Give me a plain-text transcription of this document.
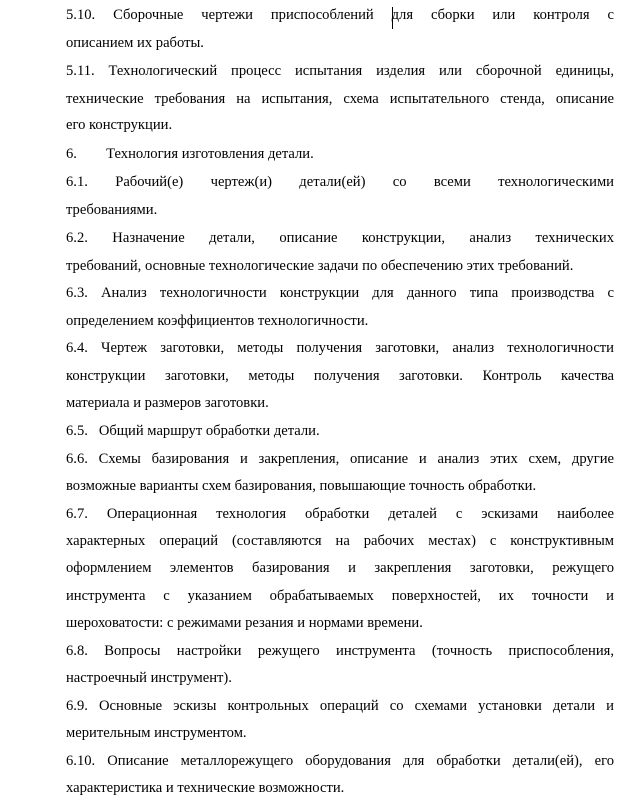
5.10. Сборочные чертежи приспособлений для сборки или контроля с
описанием их работы.
5.11. Технологический процесс испытания изделия или сборочной единицы,
технические требования на испытания, схема испытательного стенда, описание
его конструкции.
6.        Технология изготовления детали.
6.1. Рабочий(е) чертеж(и) детали(ей) со всеми технологическими
требованиями.
6.2. Назначение детали, описание конструкции, анализ технических
требований, основные технологические задачи по обеспечению этих требований.
6.3. Анализ технологичности конструкции для данного типа производства с
определением коэффициентов технологичности.
6.4. Чертеж заготовки, методы получения заготовки, анализ технологичности
конструкции заготовки, методы получения заготовки. Контроль качества
материала и размеров заготовки.
6.5.   Общий маршрут обработки детали.
6.6. Схемы базирования и закрепления, описание и анализ этих схем, другие
возможные варианты схем базирования, повышающие точность обработки.
6.7. Операционная технология обработки деталей с эскизами наиболее
характерных операций (составляются на рабочих местах) с конструктивным
оформлением элементов базирования и закрепления заготовки, режущего
инструмента с указанием обрабатываемых поверхностей, их точности и
шероховатости: с режимами резания и нормами времени.
6.8. Вопросы настройки режущего инструмента (точность приспособления,
настроечный инструмент).
6.9. Основные эскизы контрольных операций со схемами установки детали и
мерительным инструментом.
6.10. Описание металлорежущего оборудования для обработки детали(ей), его
характеристика и технические возможности.
